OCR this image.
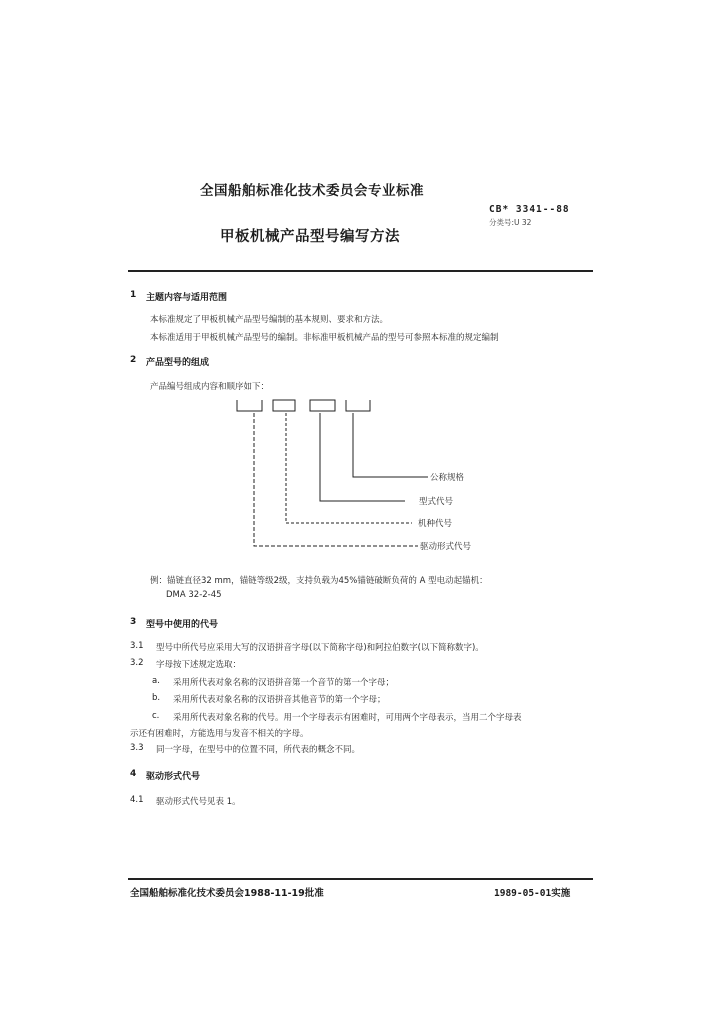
全国船舶标准化技术委员会专业标准
CB* 3341--88
分类号:U 32
甲板机械产品型号编写方法
1 主题内容与适用范围
本标准规定了甲板机械产品型号编制的基本规则、要求和方法。
本标准适用于甲板机械产品型号的编制。非标准甲板机械产品的型号可参照本标准的规定编制
2 产品型号的组成
产品编号组成内容和顺序如下：
公称规格
型式代号
机种代号
驱动形式代号
例：锚链直径32 mm，锚链等级2级，支持负载为45%锚链破断负荷的 A 型电动起锚机：
DMA 32-2-45
3 型号中使用的代号
3.1 型号中所代号应采用大写的汉语拼音字母(以下简称字母)和阿拉伯数字(以下简称数字)。
3.2 字母按下述规定选取：
a. 采用所代表对象名称的汉语拼音第一个音节的第一个字母；
b. 采用所代表对象名称的汉语拼音其他音节的第一个字母；
c. 采用所代表对象名称的代号。用一个字母表示有困难时，可用两个字母表示，当用二个字母表
示还有困难时，方能选用与发音不相关的字母。
3.3 同一字母，在型号中的位置不同，所代表的概念不同。
4 驱动形式代号
4.1 驱动形式代号见表 1。
全国船舶标准化技术委员会1988-11-19批准	1989-05-01实施
